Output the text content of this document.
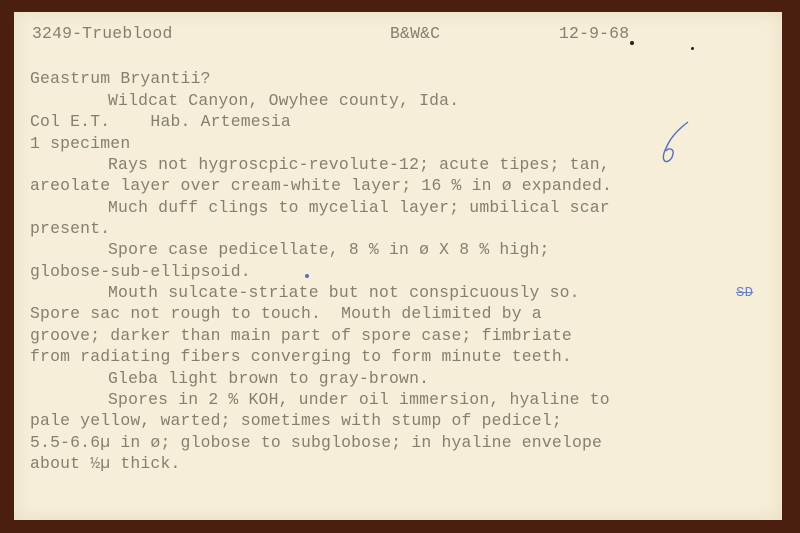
3249-Trueblood	B&W&C	12-9-68
Geastrum Bryantii?
Wildcat Canyon, Owyhee county, Ida.
Col E.T.    Hab. Artemesia
1 specimen
Rays not hygroscpic-revolute-12; acute tipes; tan,
areolate layer over cream-white layer; 16 % in ø expanded.
Much duff clings to mycelial layer; umbilical scar
present.
Spore case pedicellate, 8 % in ø X 8 % high;
globose-sub-ellipsoid.
Mouth sulcate-striate but not conspicuously so.
Spore sac not rough to touch.  Mouth delimited by a
groove; darker than main part of spore case; fimbriate
from radiating fibers converging to form minute teeth.
Gleba light brown to gray-brown.
Spores in 2 % KOH, under oil immersion, hyaline to
pale yellow, warted; sometimes with stump of pedicel;
5.5-6.6µ in ø; globose to subglobose; in hyaline envelope
about ½µ thick.
SD
